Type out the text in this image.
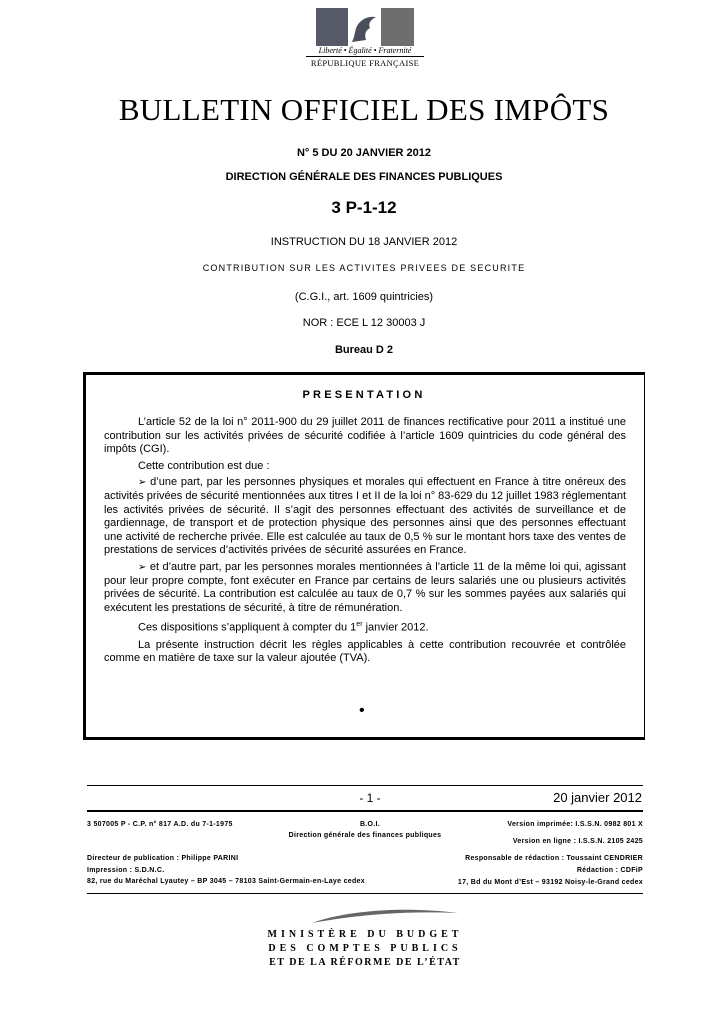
Liberté • Égalité • Fraternité
RÉPUBLIQUE FRANÇAISE
BULLETIN OFFICIEL DES IMPÔTS
N° 5 DU 20 JANVIER 2012
DIRECTION GÉNÉRALE DES FINANCES PUBLIQUES
3 P-1-12
INSTRUCTION DU 18 JANVIER 2012
CONTRIBUTION SUR LES ACTIVITES PRIVEES DE SECURITE
(C.G.I., art. 1609 quintricies)
NOR : ECE L 12 30003 J
Bureau D 2
PRESENTATION

L’article 52 de la loi n° 2011-900 du 29 juillet 2011 de finances rectificative pour 2011 a institué une contribution sur les activités privées de sécurité codifiée à l’article 1609 quintricies du code général des impôts (CGI).

Cette contribution est due :

➢ d’une part, par les personnes physiques et morales qui effectuent en France à titre onéreux des activités privées de sécurité mentionnées aux titres I et II de la loi n° 83-629 du 12 juillet 1983 réglementant les activités privées de sécurité. Il s’agit des personnes effectuant des activités de surveillance et de gardiennage, de transport et de protection physique des personnes ainsi que des personnes effectuant une activité de recherche privée. Elle est calculée au taux de 0,5 % sur le montant hors taxe des ventes de prestations de services d’activités privées de sécurité assurées en France.

➢ et d’autre part, par les personnes morales mentionnées à l’article 11 de la même loi qui, agissant pour leur propre compte, font exécuter en France par certains de leurs salariés une ou plusieurs activités privées de sécurité. La contribution est calculée au taux de 0,7 % sur les sommes payées aux salariés qui exécutent les prestations de sécurité, à titre de rémunération.

Ces dispositions s’appliquent à compter du 1er janvier 2012.

La présente instruction décrit les règles applicables à cette contribution recouvrée et contrôlée comme en matière de taxe sur la valeur ajoutée (TVA).

•
- 1 -	20 janvier 2012
3 507005 P - C.P. n° 817 A.D. du 7-1-1975	B.O.I.	Version imprimée: I.S.S.N. 0982 801 X
Direction générale des finances publiques
Version en ligne : I.S.S.N. 2105 2425
Directeur de publication : Philippe PARINI	Responsable de rédaction : Toussaint CENDRIER
Impression : S.D.N.C.	Rédaction : CDFiP
82, rue du Maréchal Lyautey – BP 3045 – 78103 Saint-Germain-en-Laye cedex	17, Bd du Mont d’Est – 93192 Noisy-le-Grand cedex
MINISTÈRE DU BUDGET
DES COMPTES PUBLICS
ET DE LA RÉFORME DE L’ÉTAT
